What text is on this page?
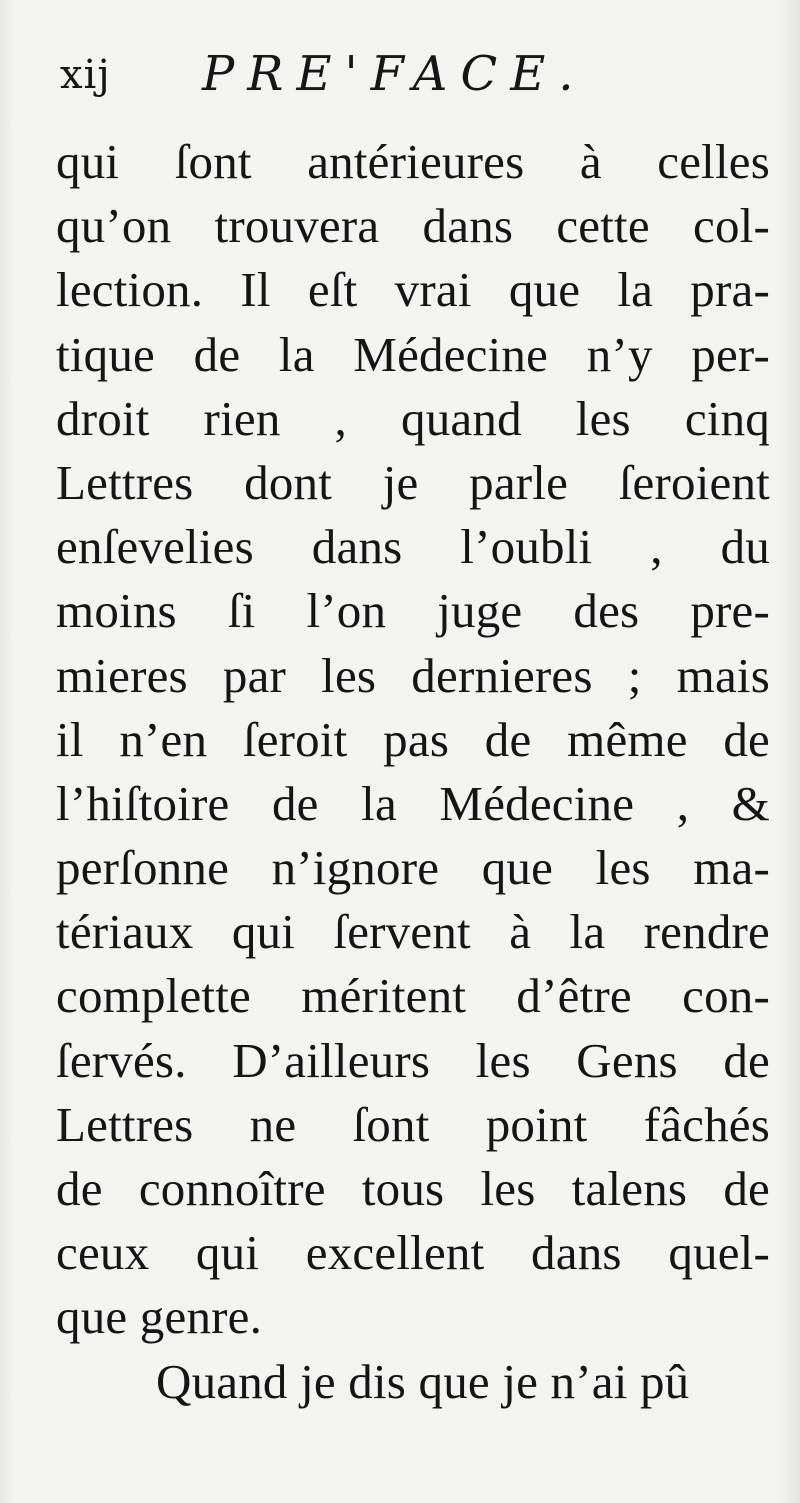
xij PRE'FACE.
qui ſont antérieures à celles
qu’on trouvera dans cette col-
lection. Il eſt vrai que la pra-
tique de la Médecine n’y per-
droit rien , quand les cinq
Lettres dont je parle ſeroient
enſevelies dans l’oubli , du
moins ſi l’on juge des pre-
mieres par les dernieres ; mais
il n’en ſeroit pas de même de
l’hiſtoire de la Médecine , &
perſonne n’ignore que les ma-
tériaux qui ſervent à la rendre
complette méritent d’être con-
ſervés. D’ailleurs les Gens de
Lettres ne ſont point fâchés
de connoître tous les talens de
ceux qui excellent dans quel-
que genre.
Quand je dis que je n’ai pû
